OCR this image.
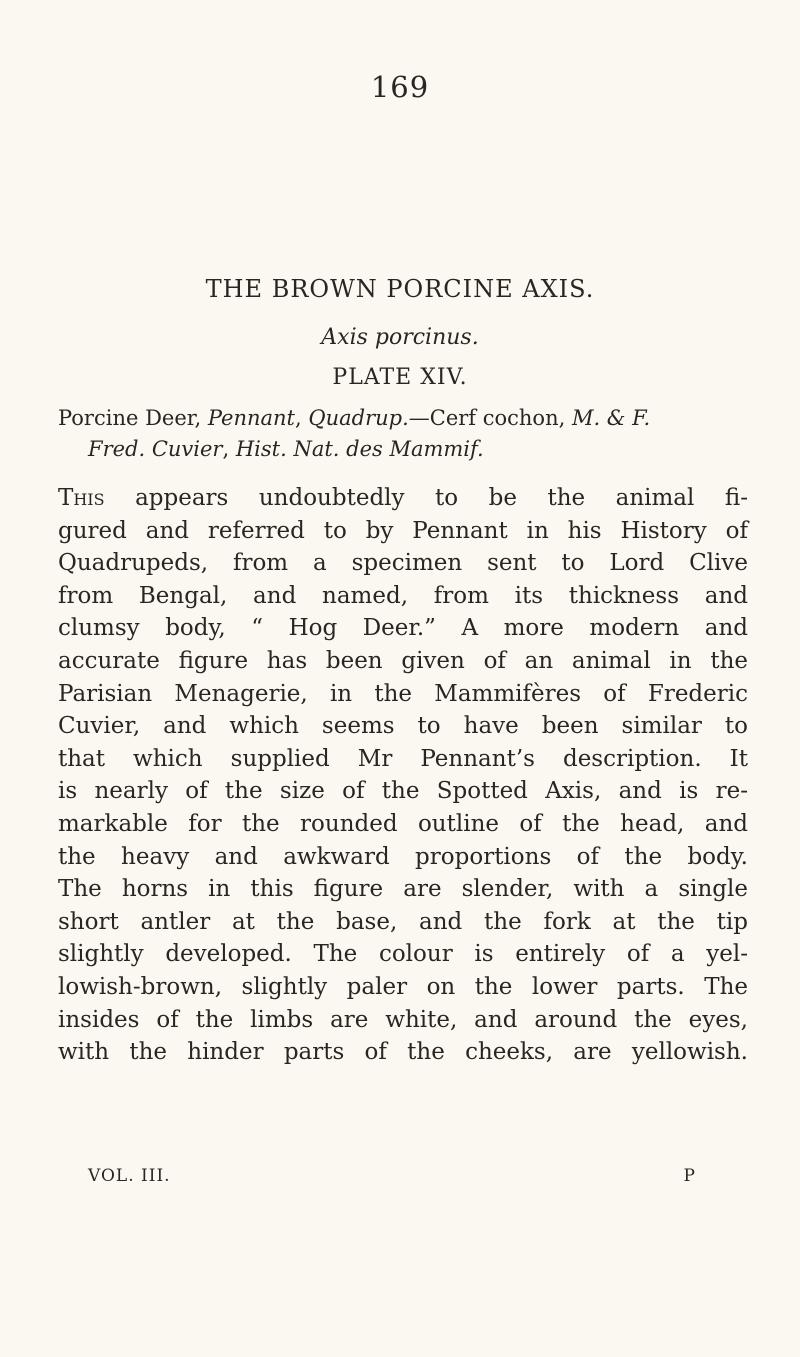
169
THE BROWN PORCINE AXIS.
Axis porcinus.
PLATE XIV.
Porcine Deer, Pennant, Quadrup.—Cerf cochon, M. & F.
Fred. Cuvier, Hist. Nat. des Mammif.
This appears undoubtedly to be the animal fi-
gured and referred to by Pennant in his History of
Quadrupeds, from a specimen sent to Lord Clive
from Bengal, and named, from its thickness and
clumsy body, “ Hog Deer.” A more modern and
accurate figure has been given of an animal in the
Parisian Menagerie, in the Mammifères of Frederic
Cuvier, and which seems to have been similar to
that which supplied Mr Pennant’s description. It
is nearly of the size of the Spotted Axis, and is re-
markable for the rounded outline of the head, and
the heavy and awkward proportions of the body.
The horns in this figure are slender, with a single
short antler at the base, and the fork at the tip
slightly developed. The colour is entirely of a yel-
lowish-brown, slightly paler on the lower parts. The
insides of the limbs are white, and around the eyes,
with the hinder parts of the cheeks, are yellowish.
VOL. III.	P
